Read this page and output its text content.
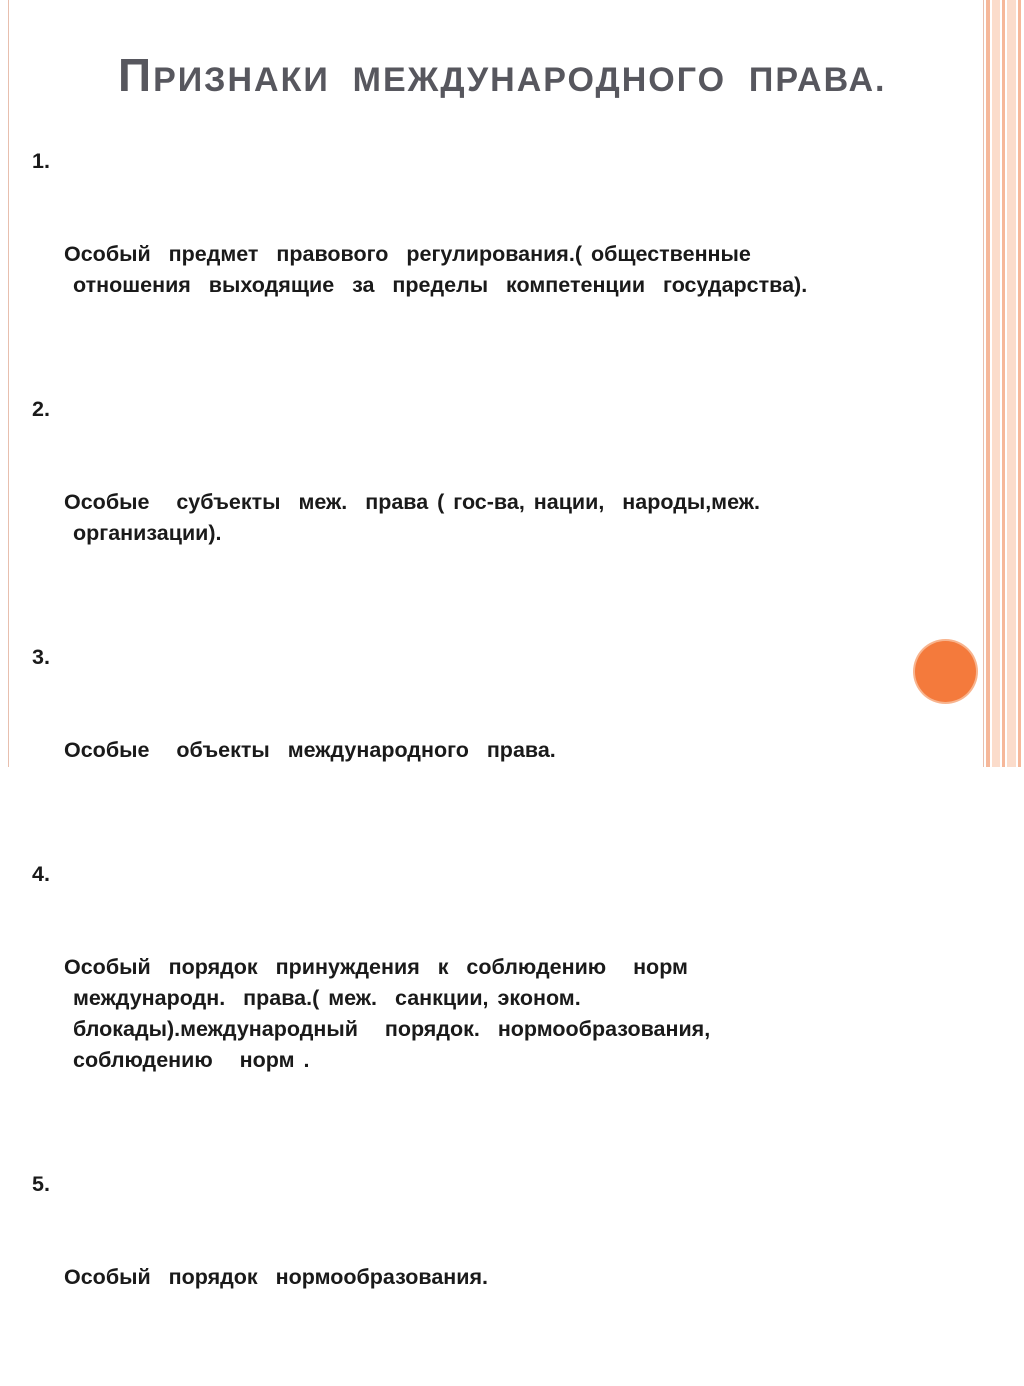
ПРИЗНАКИ  МЕЖДУНАРОДНОГО  ПРАВА.

1.

Особый  предмет  правового  регулирования.( общественные
отношения  выходящие  за  пределы  компетенции  государства).

2.

Особые   субъекты  меж.  права ( гос-ва, нации,  народы,меж.
организации).

3.

Особые   объекты  международного  права.

4.

Особый  порядок  принуждения  к  соблюдению   норм
международн.  права.( меж.  санкции, эконом.
блокады).международный   порядок.  нормообразования,
соблюдению   норм .

5.

Особый  порядок  нормообразования.
